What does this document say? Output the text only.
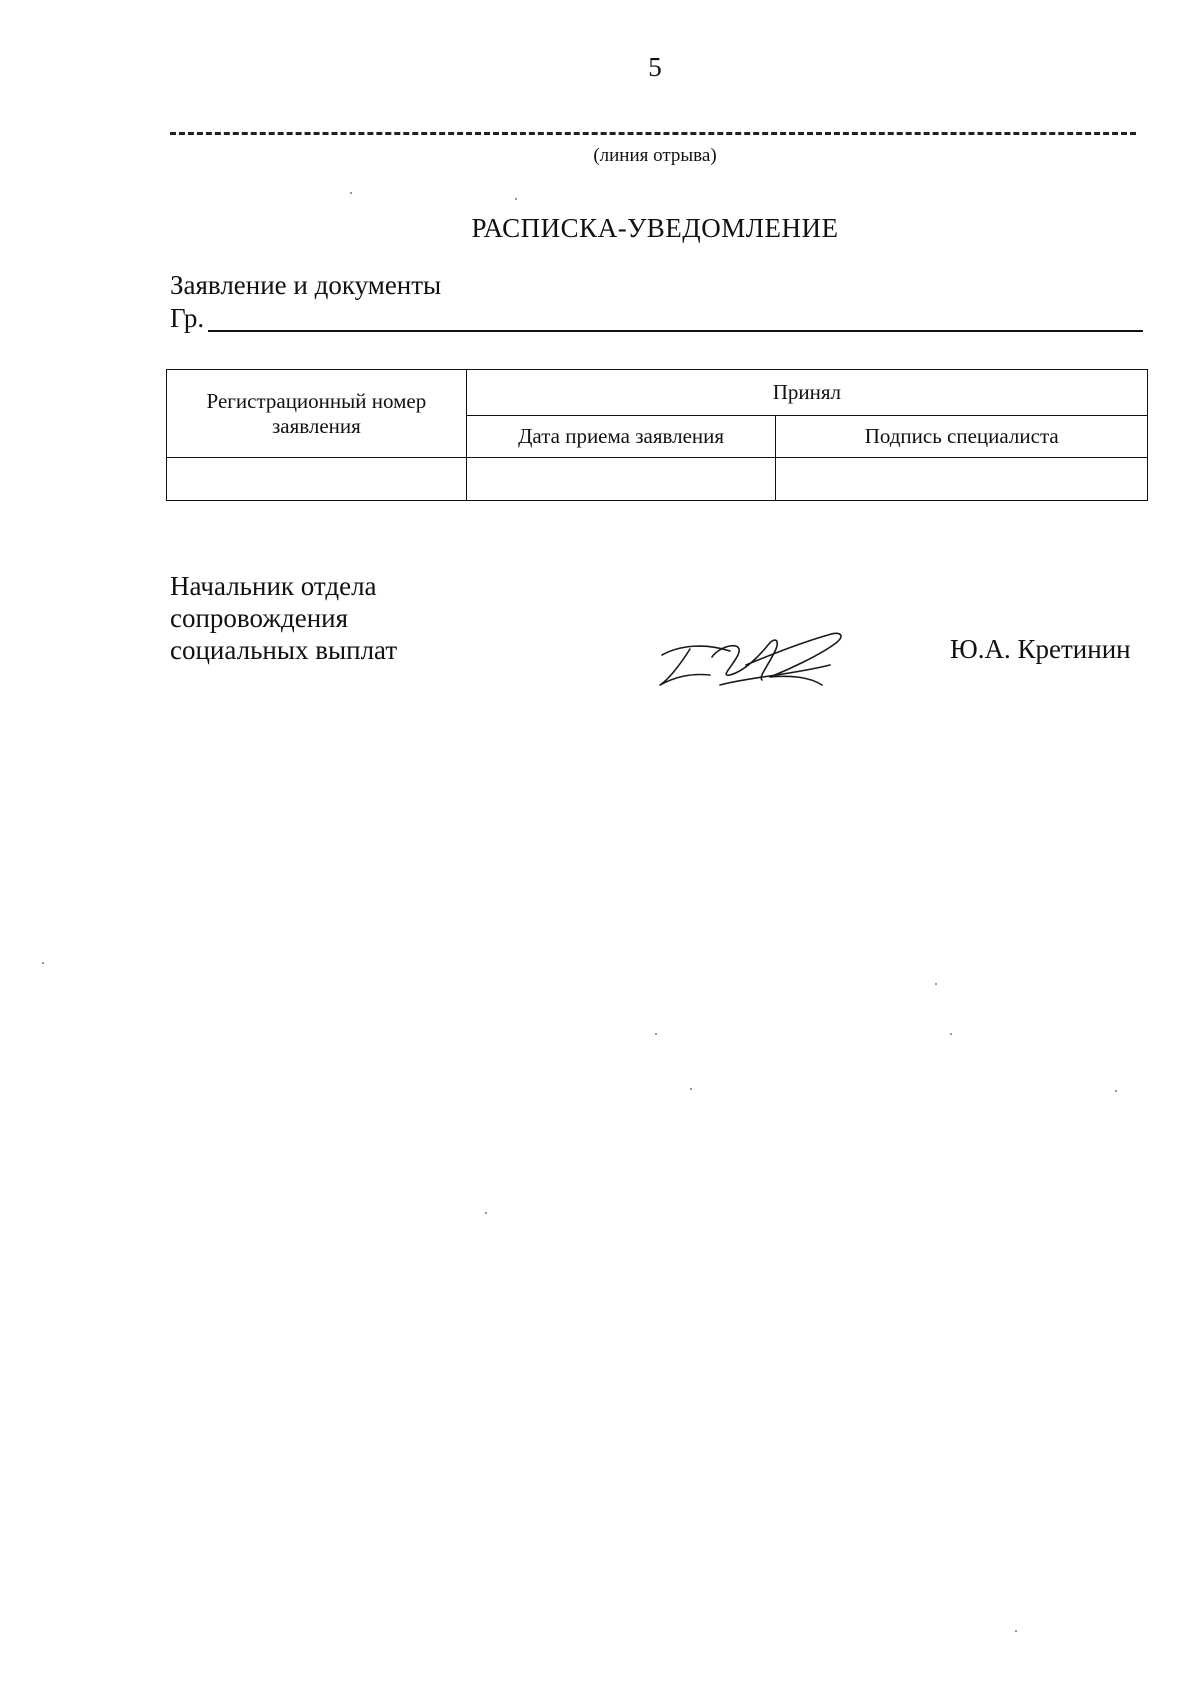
5
(линия отрыва)
РАСПИСКА-УВЕДОМЛЕНИЕ
Заявление и документы
Гр.
Регистрационный номер
заявления	Принял	
	Дата приема заявления	Подпись специалиста

Начальник отдела
сопровождения
социальных выплат	Ю.А. Кретинин
